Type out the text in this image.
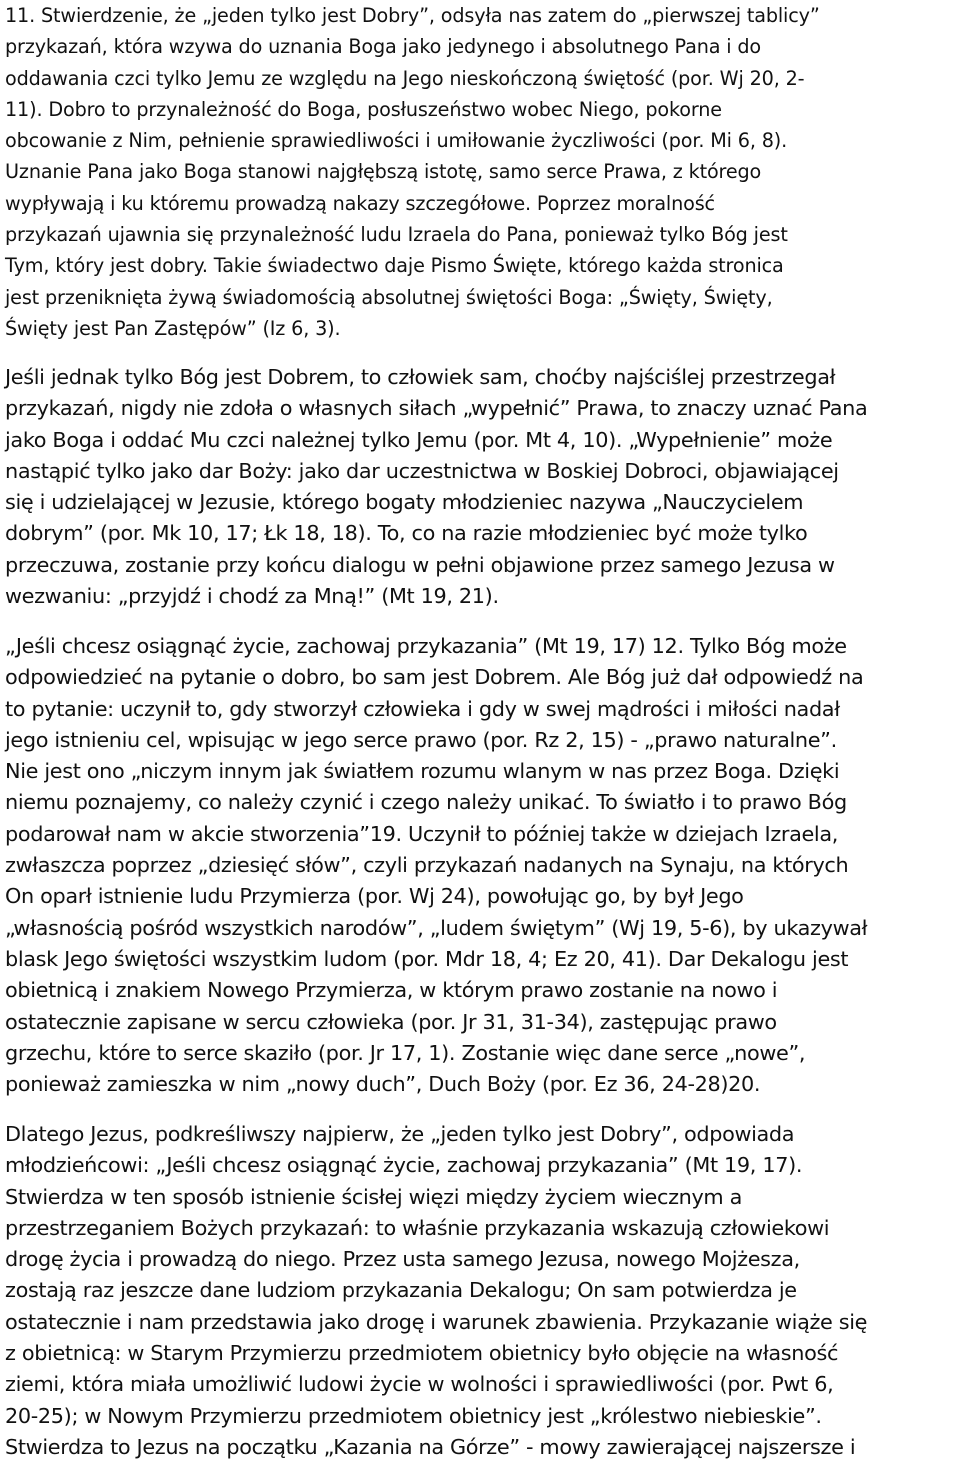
11. Stwierdzenie, że „jeden tylko jest Dobry”, odsyła nas zatem do „pierwszej tablicy”
przykazań, która wzywa do uznania Boga jako jedynego i absolutnego Pana i do
oddawania czci tylko Jemu ze względu na Jego nieskończoną świętość (por. Wj 20, 2-
11). Dobro to przynależność do Boga, posłuszeństwo wobec Niego, pokorne
obcowanie z Nim, pełnienie sprawiedliwości i umiłowanie życzliwości (por. Mi 6, 8).
Uznanie Pana jako Boga stanowi najgłębszą istotę, samo serce Prawa, z którego
wypływają i ku któremu prowadzą nakazy szczegółowe. Poprzez moralność
przykazań ujawnia się przynależność ludu Izraela do Pana, ponieważ tylko Bóg jest
Tym, który jest dobry. Takie świadectwo daje Pismo Święte, którego każda stronica
jest przeniknięta żywą świadomością absolutnej świętości Boga: „Święty, Święty,
Święty jest Pan Zastępów” (Iz 6, 3).
Jeśli jednak tylko Bóg jest Dobrem, to człowiek sam, choćby najściślej przestrzegał
przykazań, nigdy nie zdoła o własnych siłach „wypełnić” Prawa, to znaczy uznać Pana
jako Boga i oddać Mu czci należnej tylko Jemu (por. Mt 4, 10). „Wypełnienie” może
nastąpić tylko jako dar Boży: jako dar uczestnictwa w Boskiej Dobroci, objawiającej
się i udzielającej w Jezusie, którego bogaty młodzieniec nazywa „Nauczycielem
dobrym” (por. Mk 10, 17; Łk 18, 18). To, co na razie młodzieniec być może tylko
przeczuwa, zostanie przy końcu dialogu w pełni objawione przez samego Jezusa w
wezwaniu: „przyjdź i chodź za Mną!” (Mt 19, 21).
„Jeśli chcesz osiągnąć życie, zachowaj przykazania” (Mt 19, 17) 12. Tylko Bóg może
odpowiedzieć na pytanie o dobro, bo sam jest Dobrem. Ale Bóg już dał odpowiedź na
to pytanie: uczynił to, gdy stworzył człowieka i gdy w swej mądrości i miłości nadał
jego istnieniu cel, wpisując w jego serce prawo (por. Rz 2, 15) - „prawo naturalne”.
Nie jest ono „niczym innym jak światłem rozumu wlanym w nas przez Boga. Dzięki
niemu poznajemy, co należy czynić i czego należy unikać. To światło i to prawo Bóg
podarował nam w akcie stworzenia”19. Uczynił to później także w dziejach Izraela,
zwłaszcza poprzez „dziesięć słów”, czyli przykazań nadanych na Synaju, na których
On oparł istnienie ludu Przymierza (por. Wj 24), powołując go, by był Jego
„własnością pośród wszystkich narodów”, „ludem świętym” (Wj 19, 5-6), by ukazywał
blask Jego świętości wszystkim ludom (por. Mdr 18, 4; Ez 20, 41). Dar Dekalogu jest
obietnicą i znakiem Nowego Przymierza, w którym prawo zostanie na nowo i
ostatecznie zapisane w sercu człowieka (por. Jr 31, 31-34), zastępując prawo
grzechu, które to serce skaziło (por. Jr 17, 1). Zostanie więc dane serce „nowe”,
ponieważ zamieszka w nim „nowy duch”, Duch Boży (por. Ez 36, 24-28)20.
Dlatego Jezus, podkreśliwszy najpierw, że „jeden tylko jest Dobry”, odpowiada
młodzieńcowi: „Jeśli chcesz osiągnąć życie, zachowaj przykazania” (Mt 19, 17).
Stwierdza w ten sposób istnienie ścisłej więzi między życiem wiecznym a
przestrzeganiem Bożych przykazań: to właśnie przykazania wskazują człowiekowi
drogę życia i prowadzą do niego. Przez usta samego Jezusa, nowego Mojżesza,
zostają raz jeszcze dane ludziom przykazania Dekalogu; On sam potwierdza je
ostatecznie i nam przedstawia jako drogę i warunek zbawienia. Przykazanie wiąże się
z obietnicą: w Starym Przymierzu przedmiotem obietnicy było objęcie na własność
ziemi, która miała umożliwić ludowi życie w wolności i sprawiedliwości (por. Pwt 6,
20-25); w Nowym Przymierzu przedmiotem obietnicy jest „królestwo niebieskie”.
Stwierdza to Jezus na początku „Kazania na Górze” - mowy zawierającej najszersze i
